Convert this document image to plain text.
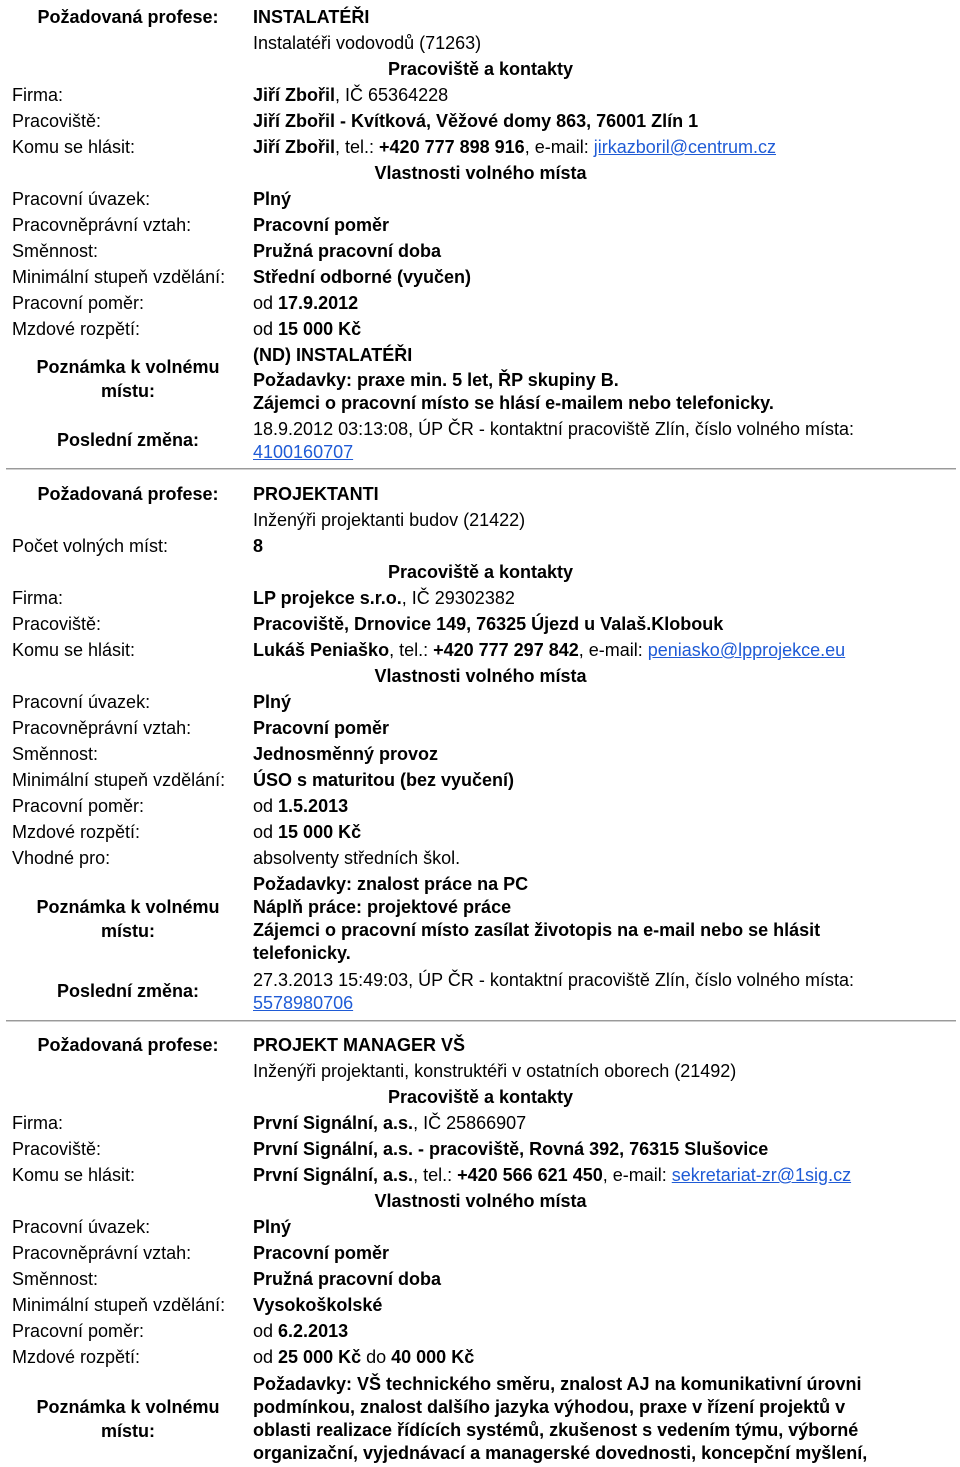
Požadovaná profese:	INSTALATÉŘI
Instalatéři vodovodů (71263)
Pracoviště a kontakty
Firma:	Jiří Zbořil, IČ 65364228
Pracoviště:	Jiří Zbořil - Kvítková, Věžové domy 863, 76001 Zlín 1
Komu se hlásit:	Jiří Zbořil, tel.: +420 777 898 916, e-mail: jirkazboril@centrum.cz
Vlastnosti volného místa
Pracovní úvazek:	Plný
Pracovněprávní vztah:	Pracovní poměr
Směnnost:	Pružná pracovní doba
Minimální stupeň vzdělání: Střední odborné (vyučen)
Pracovní poměr:	od 17.9.2012
Mzdové rozpětí:	od 15 000 Kč
Poznámka k volnému
místu:
(ND) INSTALATÉŘI
Požadavky: praxe min. 5 let, ŘP skupiny B.
Zájemci o pracovní místo se hlásí e-mailem nebo telefonicky.
Poslední změna:
18.9.2012 03:13:08, ÚP ČR - kontaktní pracoviště Zlín, číslo volného místa:
4100160707
Požadovaná profese:	PROJEKTANTI
Inženýři projektanti budov (21422)
Počet volných míst:	8
Pracoviště a kontakty
Firma:	LP projekce s.r.o., IČ 29302382
Pracoviště:	Pracoviště, Drnovice 149, 76325 Újezd u Valaš.Klobouk
Komu se hlásit:	Lukáš Peniaško, tel.: +420 777 297 842, e-mail: peniasko@lpprojekce.eu
Vlastnosti volného místa
Pracovní úvazek:	Plný
Pracovněprávní vztah:	Pracovní poměr
Směnnost:	Jednosměnný provoz
Minimální stupeň vzdělání: ÚSO s maturitou (bez vyučení)
Pracovní poměr:	od 1.5.2013
Mzdové rozpětí:	od 15 000 Kč
Vhodné pro:	absolventy středních škol.
Poznámka k volnému
místu:
Požadavky: znalost práce na PC
Náplň práce: projektové práce
Zájemci o pracovní místo zasílat životopis na e-mail nebo se hlásit
telefonicky.
Poslední změna:
27.3.2013 15:49:03, ÚP ČR - kontaktní pracoviště Zlín, číslo volného místa:
5578980706
Požadovaná profese:	PROJEKT MANAGER VŠ
Inženýři projektanti, konstruktéři v ostatních oborech (21492)
Pracoviště a kontakty
Firma:	První Signální, a.s., IČ 25866907
Pracoviště:	První Signální, a.s. - pracoviště, Rovná 392, 76315 Slušovice
Komu se hlásit:	První Signální, a.s., tel.: +420 566 621 450, e-mail: sekretariat-zr@1sig.cz
Vlastnosti volného místa
Pracovní úvazek:	Plný
Pracovněprávní vztah:	Pracovní poměr
Směnnost:	Pružná pracovní doba
Minimální stupeň vzdělání: Vysokoškolské
Pracovní poměr:	od 6.2.2013
Mzdové rozpětí:	od 25 000 Kč do 40 000 Kč
Poznámka k volnému
místu:
Požadavky: VŠ technického směru, znalost AJ na komunikativní úrovni
podmínkou, znalost dalšího jazyka výhodou, praxe v řízení projektů v
oblasti realizace řídících systémů, zkušenost s vedením týmu, výborné
organizační, vyjednávací a managerské dovednosti, koncepční myšlení,
